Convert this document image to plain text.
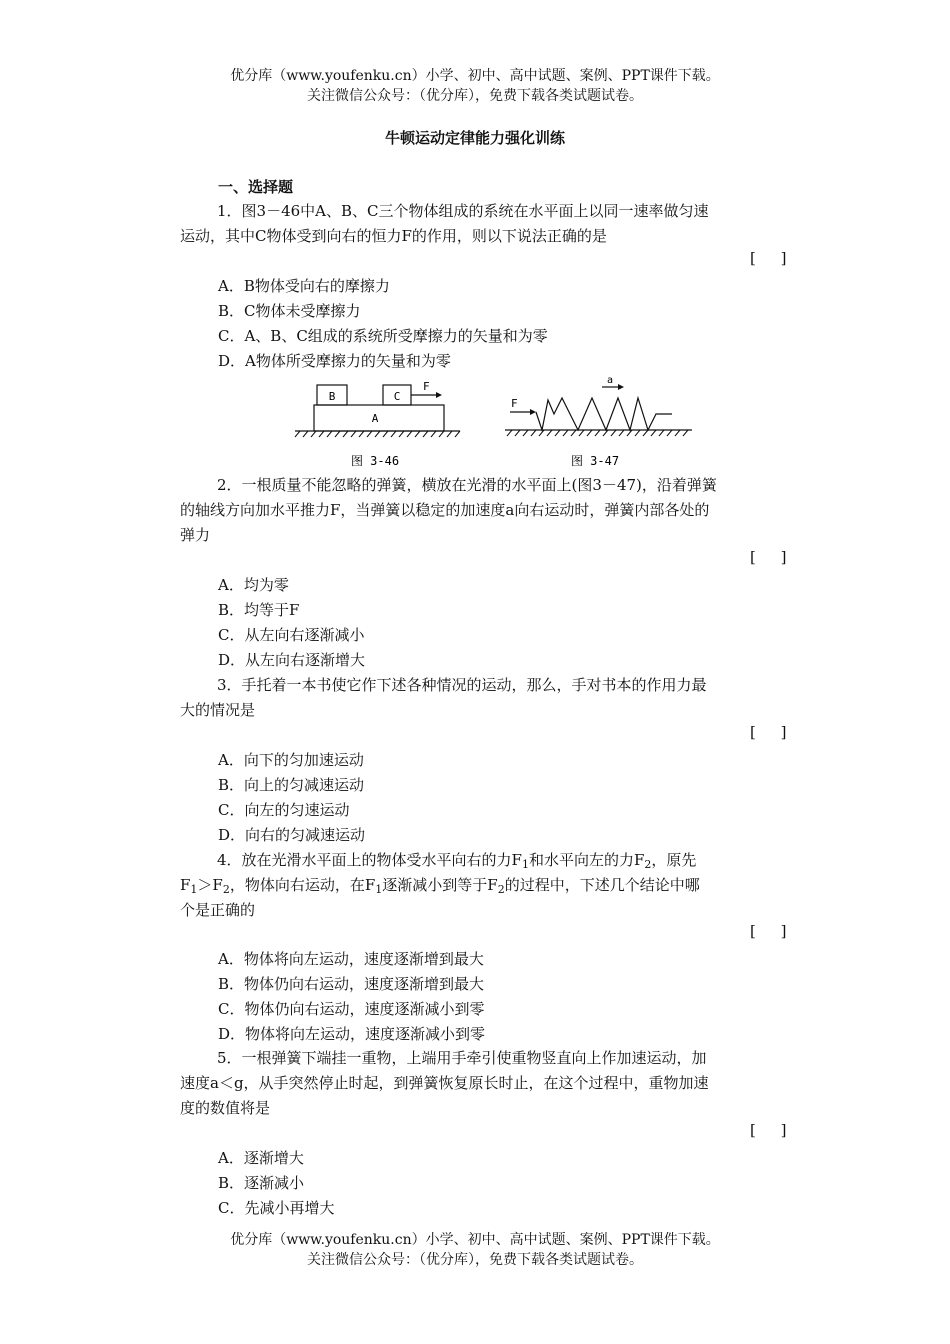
优分库（www.youfenku.cn）小学、初中、高中试题、案例、PPT课件下载。
关注微信公众号：（优分库），免费下载各类试题试卷。
牛顿运动定律能力强化训练
一、选择题
1．图3－46中A、B、C三个物体组成的系统在水平面上以同一速率做匀速
运动，其中C物体受到向右的恒力F的作用，则以下说法正确的是
[ ]
A．B物体受向右的摩擦力
B．C物体未受摩擦力
C．A、B、C组成的系统所受摩擦力的矢量和为零
D．A物体所受摩擦力的矢量和为零
B	C
A
F
图 3-46
F
a
图 3-47
2．一根质量不能忽略的弹簧，横放在光滑的水平面上(图3－47)，沿着弹簧
的轴线方向加水平推力F，当弹簧以稳定的加速度a向右运动时，弹簧内部各处的
弹力
[ ]
A．均为零
B．均等于F
C．从左向右逐渐减小
D．从左向右逐渐增大
3．手托着一本书使它作下述各种情况的运动，那么，手对书本的作用力最
大的情况是
[ ]
A．向下的匀加速运动
B．向上的匀减速运动
C．向左的匀速运动
D．向右的匀减速运动
4．放在光滑水平面上的物体受水平向右的力$F_1$和水平向左的力$F_2$，原先
$F_1>F_2$，物体向右运动，在$F_1$逐渐减小到等于$F_2$的过程中，下述几个结论中哪
个是正确的
[ ]
A．物体将向左运动，速度逐渐增到最大
B．物体仍向右运动，速度逐渐增到最大
C．物体仍向右运动，速度逐渐减小到零
D．物体将向左运动，速度逐渐减小到零
5．一根弹簧下端挂一重物，上端用手牵引使重物竖直向上作加速运动，加
速度a＜g，从手突然停止时起，到弹簧恢复原长时止，在这个过程中，重物加速
度的数值将是
[ ]
A．逐渐增大
B．逐渐减小
C．先减小再增大
优分库（www.youfenku.cn）小学、初中、高中试题、案例、PPT课件下载。
关注微信公众号：（优分库），免费下载各类试题试卷。
